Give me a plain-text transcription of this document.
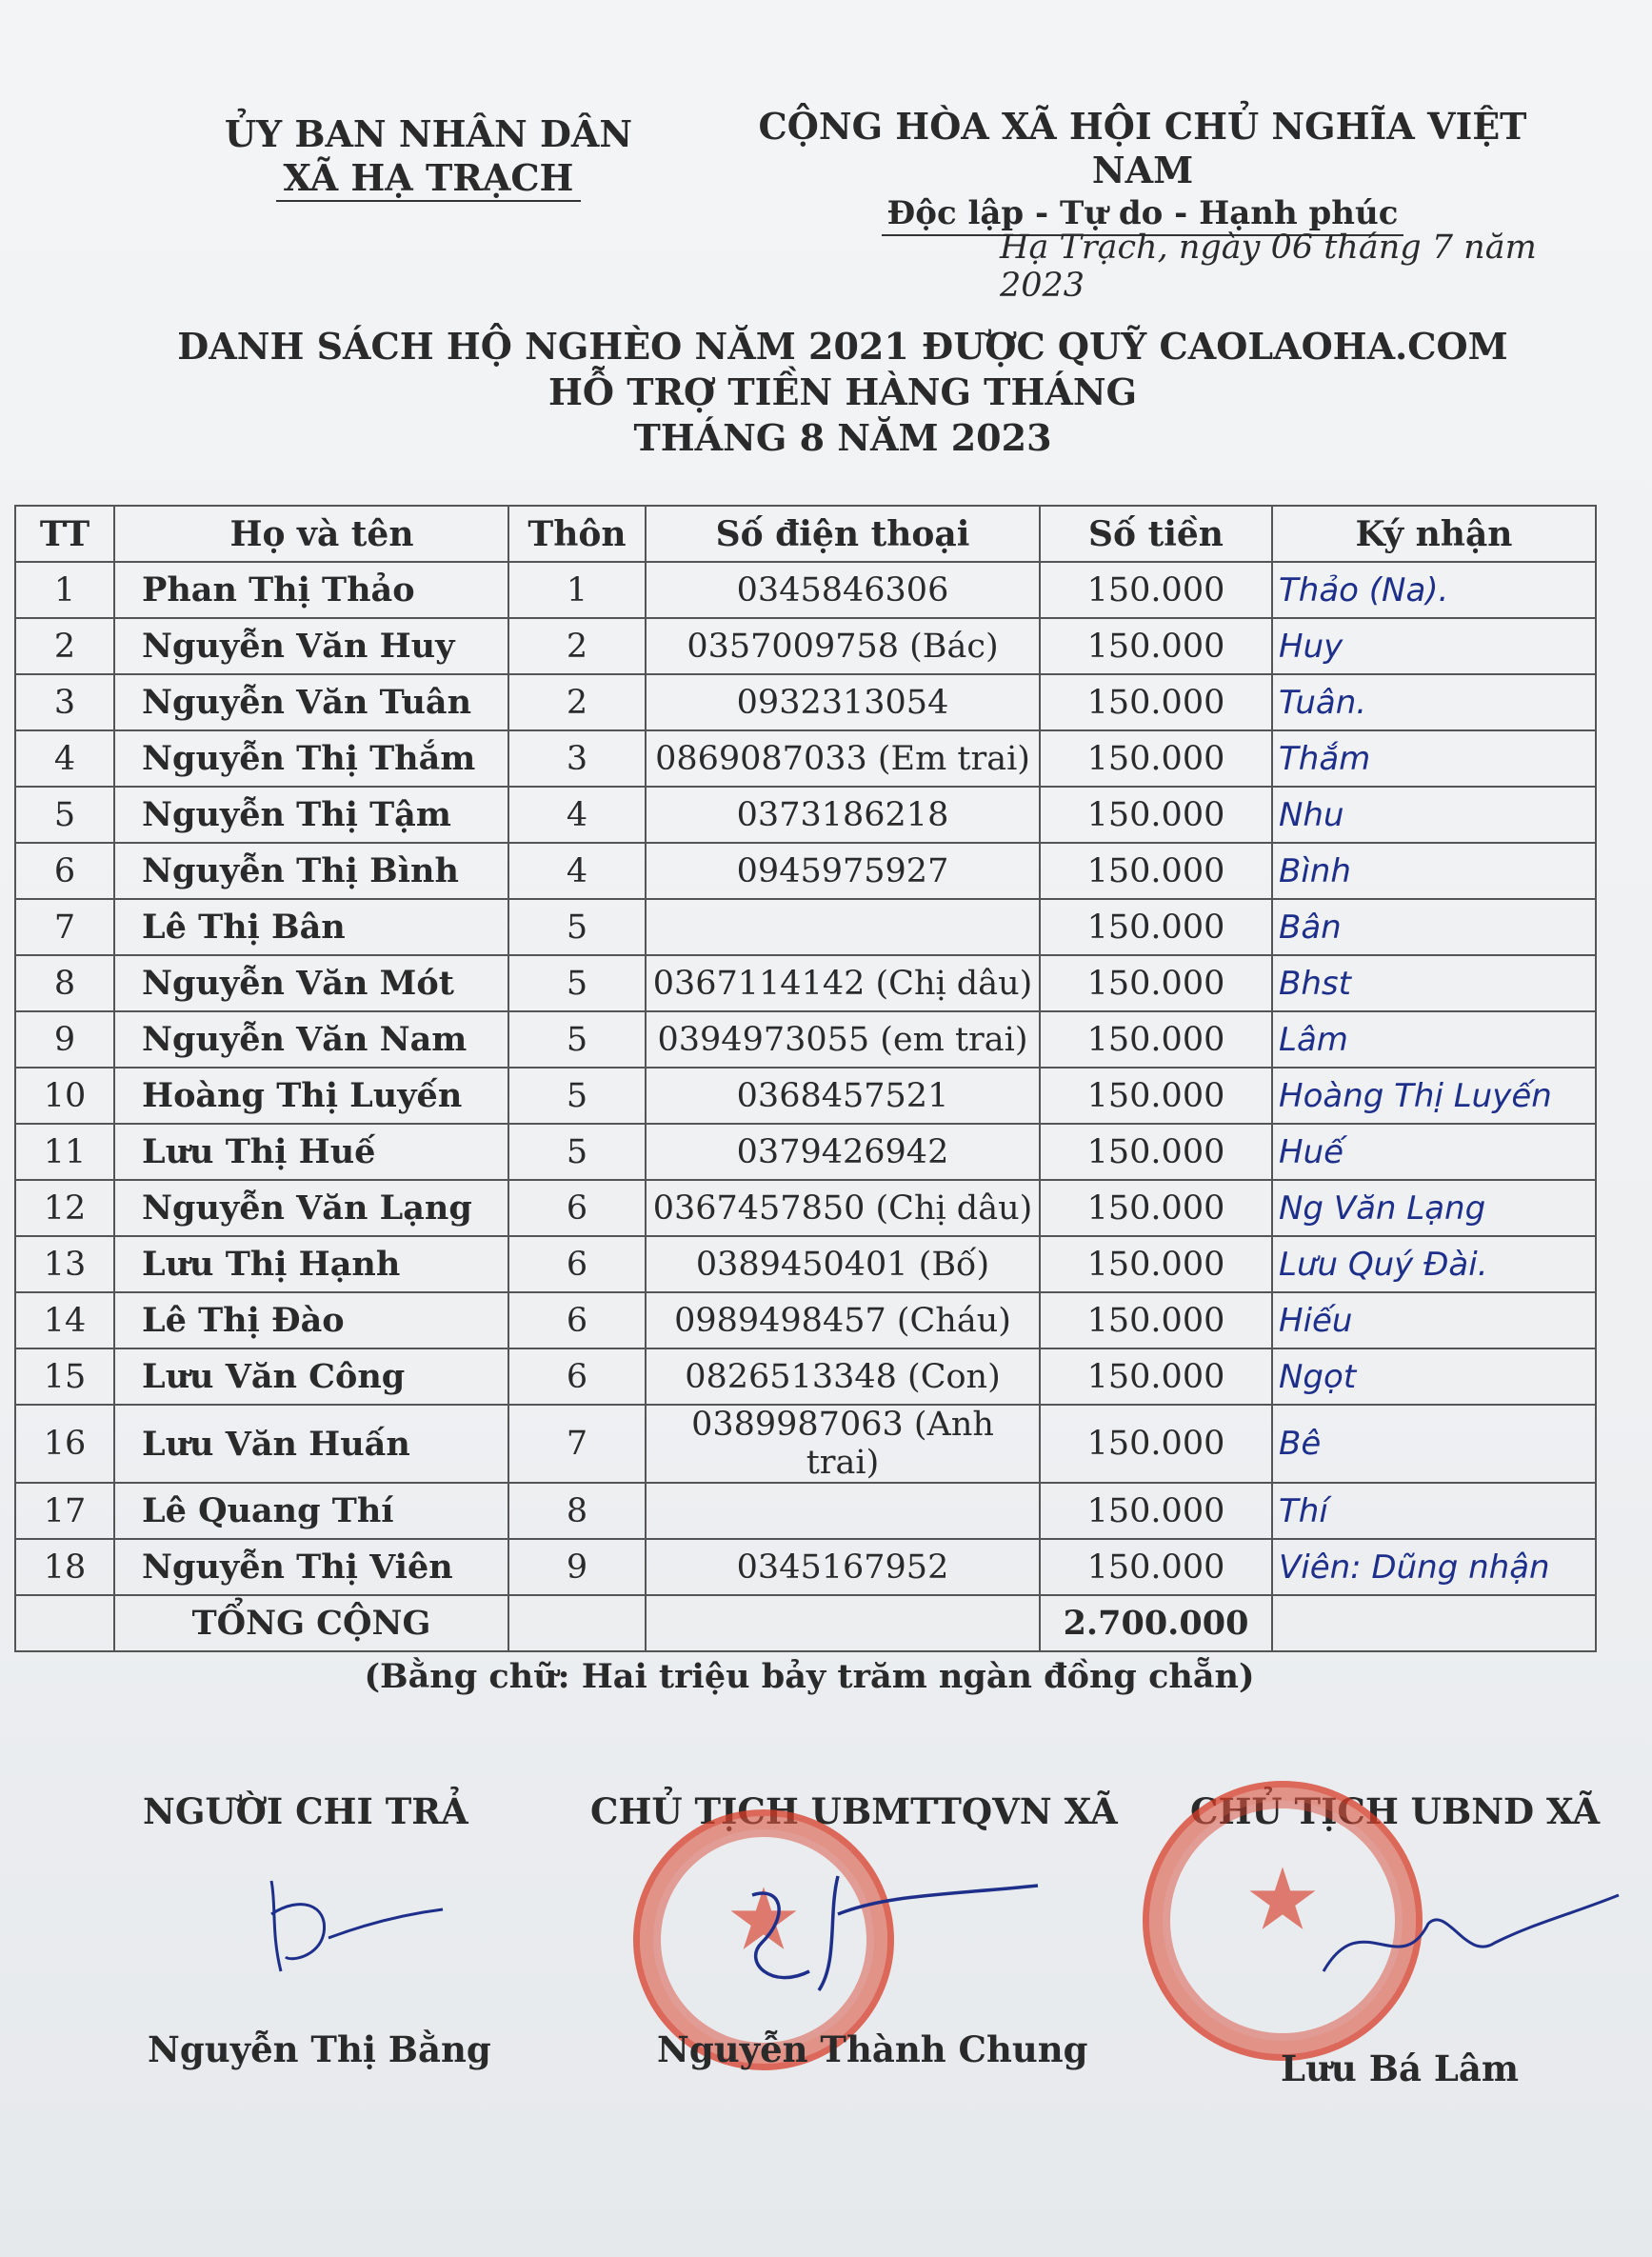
ỦY BAN NHÂN DÂN
XÃ HẠ TRẠCH
CỘNG HÒA XÃ HỘI CHỦ NGHĨA VIỆT NAM
Độc lập - Tự do - Hạnh phúc
Hạ Trạch, ngày 06 tháng 7 năm 2023
DANH SÁCH HỘ NGHÈO NĂM 2021 ĐƯỢC QUỸ CAOLAOHA.COM
HỖ TRỢ TIỀN HÀNG THÁNG
THÁNG 8 NĂM 2023
TT	Họ và tên	Thôn	Số điện thoại	Số tiền	Ký nhận
1	Phan Thị Thảo	1	0345846306	150.000	Thảo (Na).
2	Nguyễn Văn Huy	2	0357009758 (Bác)	150.000	Huy
3	Nguyễn Văn Tuân	2	0932313054	150.000	Tuân.
4	Nguyễn Thị Thắm	3	0869087033 (Em trai)	150.000	Thắm
5	Nguyễn Thị Tậm	4	0373186218	150.000	Nhu
6	Nguyễn Thị Bình	4	0945975927	150.000	Bình
7	Lê Thị Bân	5		150.000	Bân
8	Nguyễn Văn Mót	5	0367114142 (Chị dâu)	150.000	Bhst
9	Nguyễn Văn Nam	5	0394973055 (em trai)	150.000	Lâm
10	Hoàng Thị Luyến	5	0368457521	150.000	Hoàng Thị Luyến
11	Lưu Thị Huế	5	0379426942	150.000	Huế
12	Nguyễn Văn Lạng	6	0367457850 (Chị dâu)	150.000	Ng Văn Lạng
13	Lưu Thị Hạnh	6	0389450401 (Bố)	150.000	Lưu Quý Đài.
14	Lê Thị Đào	6	0989498457 (Cháu)	150.000	Hiếu
15	Lưu Văn Công	6	0826513348 (Con)	150.000	Ngọt
16	Lưu Văn Huấn	7	0389987063 (Anh trai)	150.000	Bê
17	Lê Quang Thí	8		150.000	Thí
18	Nguyễn Thị Viên	9	0345167952	150.000	Viên: Dũng nhận
	TỔNG CỘNG			2.700.000	
(Bằng chữ: Hai triệu bảy trăm ngàn đồng chẵn)
NGƯỜI CHI TRẢ	CHỦ TỊCH UBMTTQVN XÃ CHỦ TỊCH UBND XÃ
★	★
Nguyễn Thị Bằng	Nguyễn Thành Chung	Lưu Bá Lâm
